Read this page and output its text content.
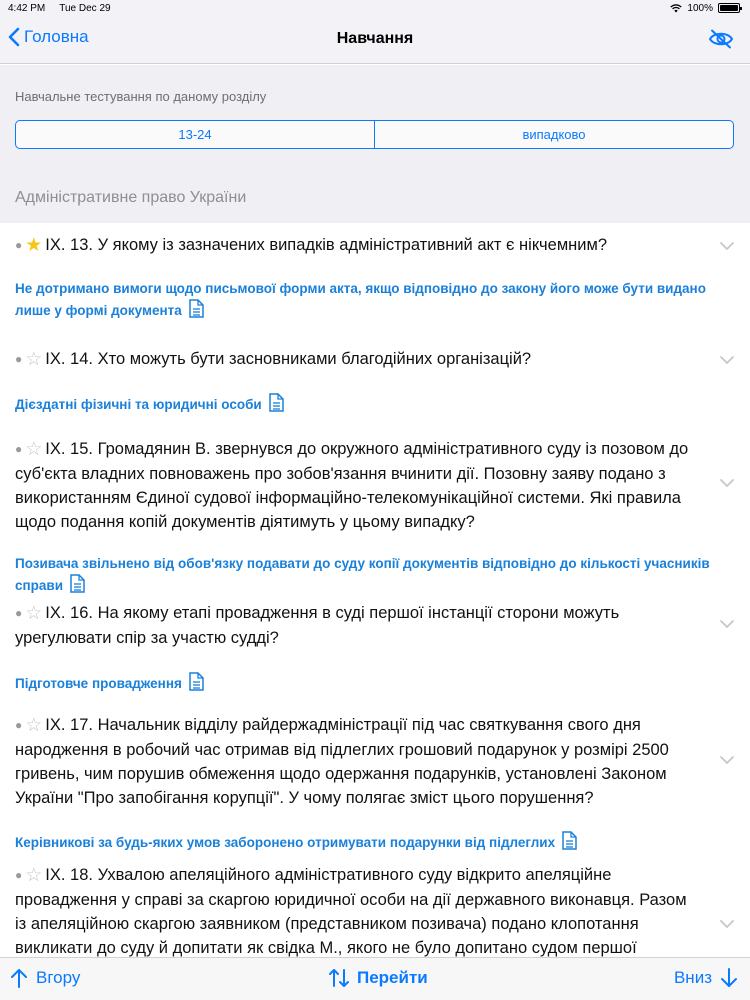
4:42 PM Tue Dec 29	100%
Головна	Навчання
Навчальне тестування по даному розділу
13-24	випадково
Адміністративне право України
● ★ IX. 13. У якому із зазначених випадків адміністративний акт є нікчемним?
Не дотримано вимоги щодо письмової форми акта, якщо відповідно до закону його може бути видано лише у формі документа
● ☆ IX. 14. Хто можуть бути засновниками благодійних організацій?
Дієздатні фізичні та юридичні особи
● ☆ IX. 15. Громадянин В. звернувся до окружного адміністративного суду із позовом до суб'єкта владних повноважень про зобов'язання вчинити дії. Позовну заяву подано з використанням Єдиної судової інформаційно-телекомунікаційної системи. Які правила щодо подання копій документів діятимуть у цьому випадку?
Позивача звільнено від обов'язку подавати до суду копії документів відповідно до кількості учасників справи
● ☆ IX. 16. На якому етапі провадження в суді першої інстанції сторони можуть урегулювати спір за участю судді?
Підготовче провадження
● ☆ IX. 17. Начальник відділу райдержадміністрації під час святкування свого дня народження в робочий час отримав від підлеглих грошовий подарунок у розмірі 2500 гривень, чим порушив обмеження щодо одержання подарунків, установлені Законом України "Про запобігання корупції". У чому полягає зміст цього порушення?
Керівникові за будь-яких умов заборонено отримувати подарунки від підлеглих
● ☆ IX. 18. Ухвалою апеляційного адміністративного суду відкрито апеляційне провадження у справі за скаргою юридичної особи на дії державного виконавця. Разом із апеляційною скаргою заявником (представником позивача) подано клопотання викликати до суду й допитати як свідка М., якого не було допитано судом першої
Вгору	Перейти	Вниз
